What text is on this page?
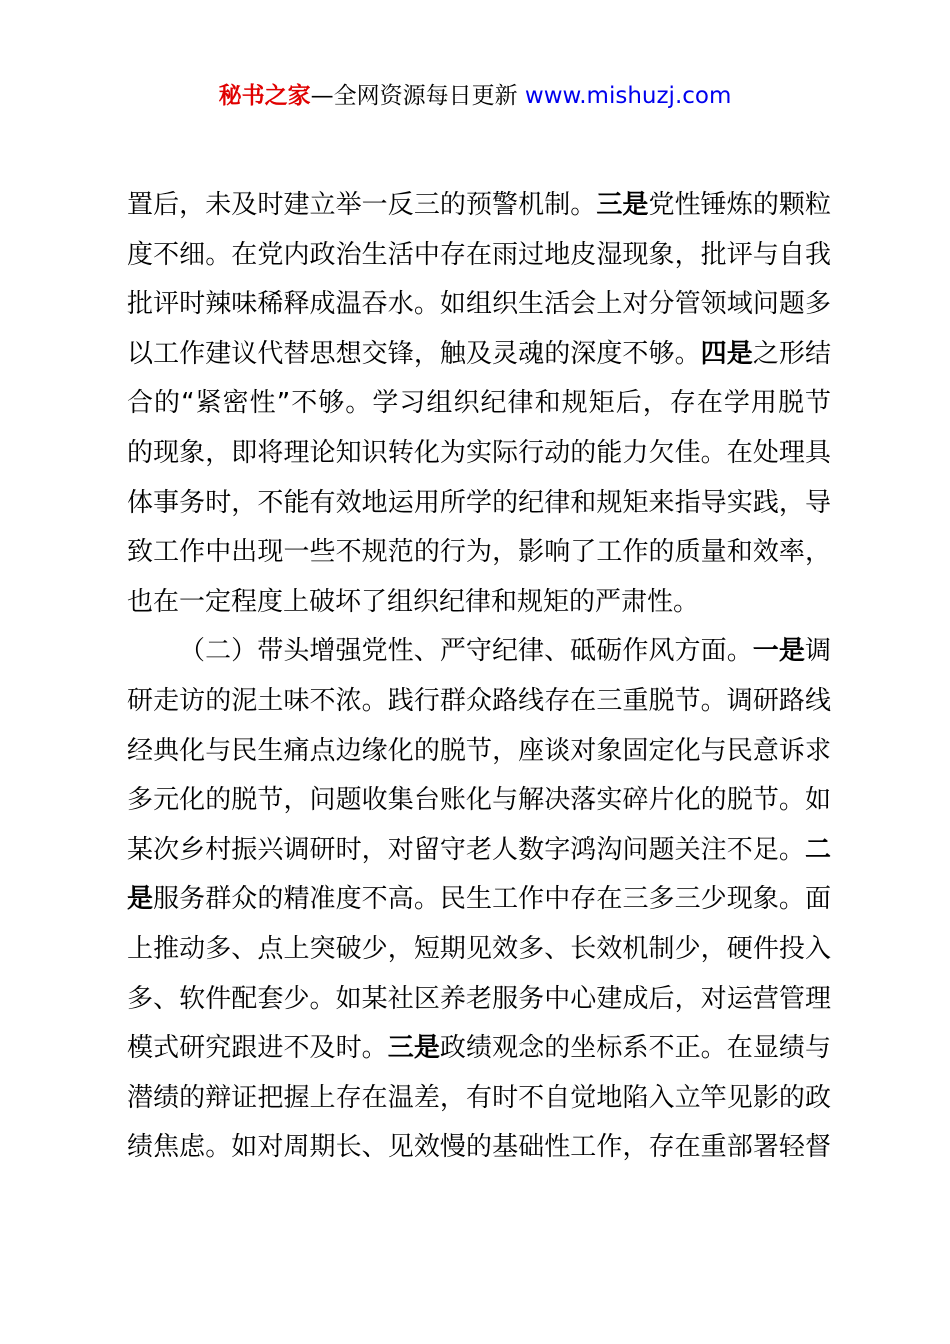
秘书之家—全网资源每日更新 www.mishuzj.com
置后，未及时建立举一反三的预警机制。三是党性锤炼的颗粒
度不细。在党内政治生活中存在雨过地皮湿现象，批评与自我
批评时辣味稀释成温吞水。如组织生活会上对分管领域问题多
以工作建议代替思想交锋，触及灵魂的深度不够。四是之形结
合的“紧密性”不够。学习组织纪律和规矩后，存在学用脱节
的现象，即将理论知识转化为实际行动的能力欠佳。在处理具
体事务时，不能有效地运用所学的纪律和规矩来指导实践，导
致工作中出现一些不规范的行为，影响了工作的质量和效率，
也在一定程度上破坏了组织纪律和规矩的严肃性。
（二）带头增强党性、严守纪律、砥砺作风方面。一是调
研走访的泥土味不浓。践行群众路线存在三重脱节。调研路线
经典化与民生痛点边缘化的脱节，座谈对象固定化与民意诉求
多元化的脱节，问题收集台账化与解决落实碎片化的脱节。如
某次乡村振兴调研时，对留守老人数字鸿沟问题关注不足。二
是服务群众的精准度不高。民生工作中存在三多三少现象。面
上推动多、点上突破少，短期见效多、长效机制少，硬件投入
多、软件配套少。如某社区养老服务中心建成后，对运营管理
模式研究跟进不及时。三是政绩观念的坐标系不正。在显绩与
潜绩的辩证把握上存在温差，有时不自觉地陷入立竿见影的政
绩焦虑。如对周期长、见效慢的基础性工作，存在重部署轻督
